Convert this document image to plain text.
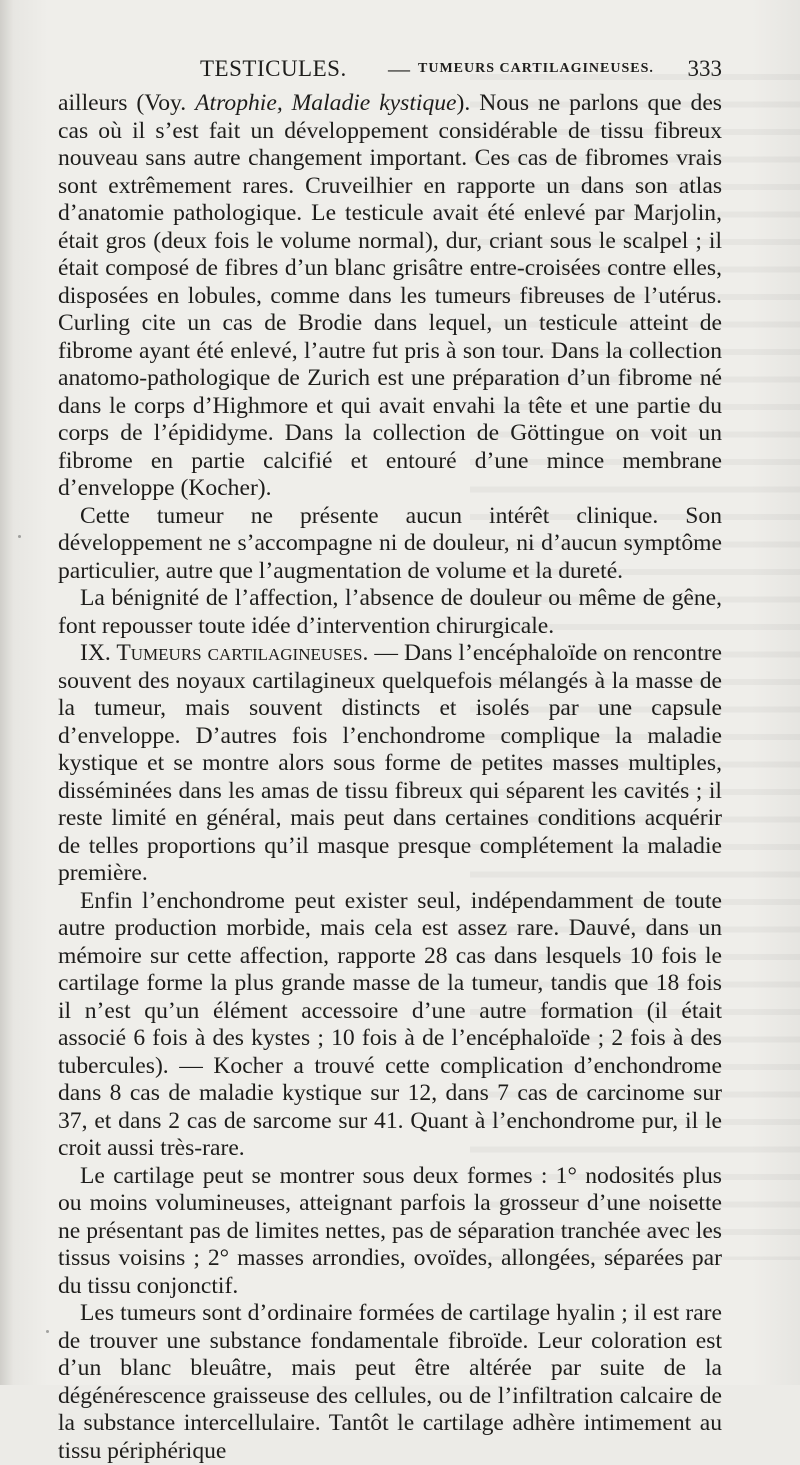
TESTICULES. — TUMEURS CARTILAGINEUSES. 333

ailleurs (Voy. Atrophie, Maladie kystique). Nous ne parlons que des cas où il s’est fait un développement considérable de tissu fibreux nouveau sans autre changement important. Ces cas de fibromes vrais sont extrêmement rares. Cruveilhier en rapporte un dans son atlas d’anatomie pathologique. Le testicule avait été enlevé par Marjolin, était gros (deux fois le volume normal), dur, criant sous le scalpel ; il était composé de fibres d’un blanc grisâtre entre-croisées contre elles, disposées en lobules, comme dans les tumeurs fibreuses de l’utérus. Curling cite un cas de Brodie dans lequel, un testicule atteint de fibrome ayant été enlevé, l’autre fut pris à son tour. Dans la collection anatomo-pathologique de Zurich est une préparation d’un fibrome né dans le corps d’Highmore et qui avait envahi la tête et une partie du corps de l’épididyme. Dans la collection de Göttingue on voit un fibrome en partie calcifié et entouré d’une mince membrane d’enveloppe (Kocher).

Cette tumeur ne présente aucun intérêt clinique. Son développement ne s’accompagne ni de douleur, ni d’aucun symptôme particulier, autre que l’augmentation de volume et la dureté.

La bénignité de l’affection, l’absence de douleur ou même de gêne, font repousser toute idée d’intervention chirurgicale.

IX. Tumeurs cartilagineuses. — Dans l’encéphaloïde on rencontre souvent des noyaux cartilagineux quelquefois mélangés à la masse de la tumeur, mais souvent distincts et isolés par une capsule d’enveloppe. D’autres fois l’enchondrome complique la maladie kystique et se montre alors sous forme de petites masses multiples, disséminées dans les amas de tissu fibreux qui séparent les cavités ; il reste limité en général, mais peut dans certaines conditions acquérir de telles proportions qu’il masque presque complétement la maladie première.

Enfin l’enchondrome peut exister seul, indépendamment de toute autre production morbide, mais cela est assez rare. Dauvé, dans un mémoire sur cette affection, rapporte 28 cas dans lesquels 10 fois le cartilage forme la plus grande masse de la tumeur, tandis que 18 fois il n’est qu’un élément accessoire d’une autre formation (il était associé 6 fois à des kystes ; 10 fois à de l’encéphaloïde ; 2 fois à des tubercules). — Kocher a trouvé cette complication d’enchondrome dans 8 cas de maladie kystique sur 12, dans 7 cas de carcinome sur 37, et dans 2 cas de sarcome sur 41. Quant à l’enchondrome pur, il le croit aussi très-rare.

Le cartilage peut se montrer sous deux formes : 1° nodosités plus ou moins volumineuses, atteignant parfois la grosseur d’une noisette ne présentant pas de limites nettes, pas de séparation tranchée avec les tissus voisins ; 2° masses arrondies, ovoïdes, allongées, séparées par du tissu conjonctif.

Les tumeurs sont d’ordinaire formées de cartilage hyalin ; il est rare de trouver une substance fondamentale fibroïde. Leur coloration est d’un blanc bleuâtre, mais peut être altérée par suite de la dégénérescence graisseuse des cellules, ou de l’infiltration calcaire de la substance intercellulaire. Tantôt le cartilage adhère intimement au tissu périphérique
